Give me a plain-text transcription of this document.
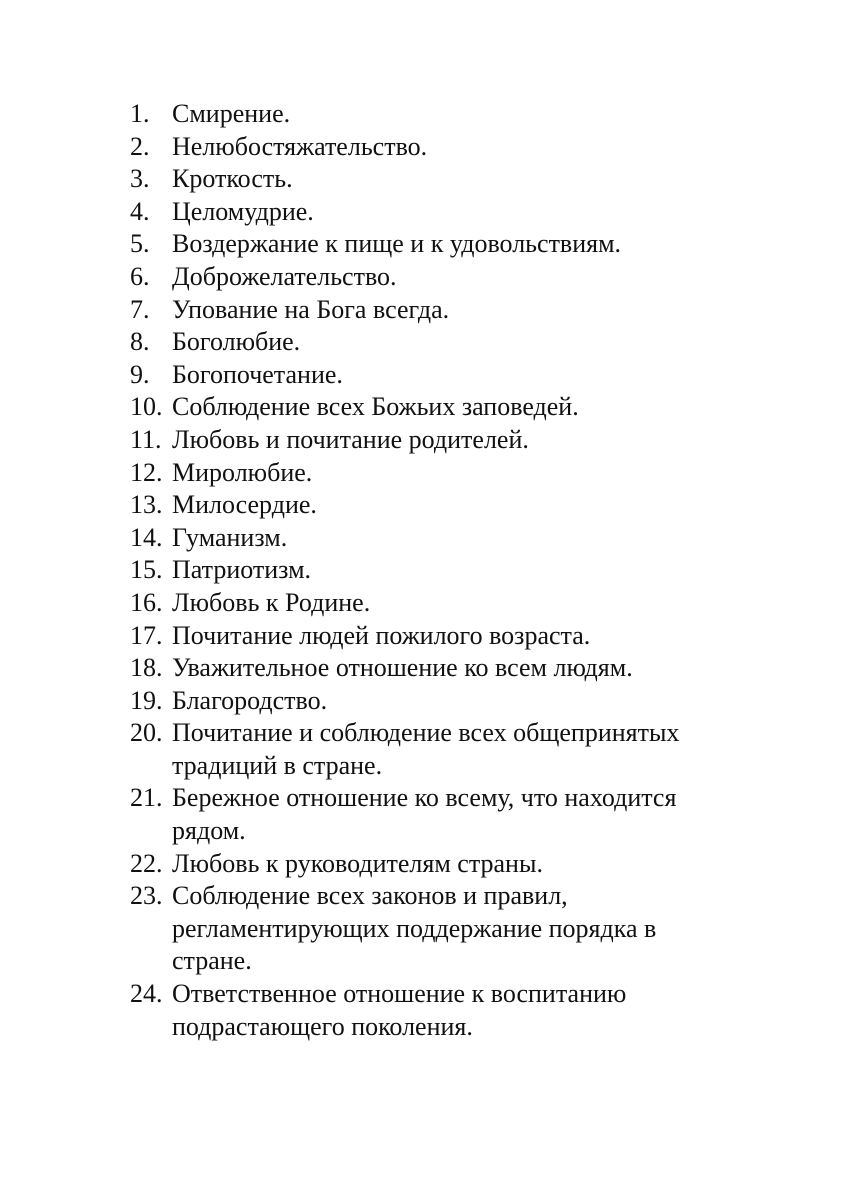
1. Смирение.
2. Нелюбостяжательство.
3. Кроткость.
4. Целомудрие.
5. Воздержание к пище и к удовольствиям.
6. Доброжелательство.
7. Упование на Бога всегда.
8. Боголюбие.
9. Богопочетание.
10. Соблюдение всех Божьих заповедей.
11. Любовь и почитание родителей.
12. Миролюбие.
13. Милосердие.
14. Гуманизм.
15. Патриотизм.
16. Любовь к Родине.
17. Почитание людей пожилого возраста.
18. Уважительное отношение ко всем людям.
19. Благородство.
20. Почитание и соблюдение всех общепринятых
традиций в стране.
21. Бережное отношение ко всему, что находится
рядом.
22. Любовь к руководителям страны.
23. Соблюдение всех законов и правил,
регламентирующих поддержание порядка в
стране.
24. Ответственное отношение к воспитанию
подрастающего поколения.
